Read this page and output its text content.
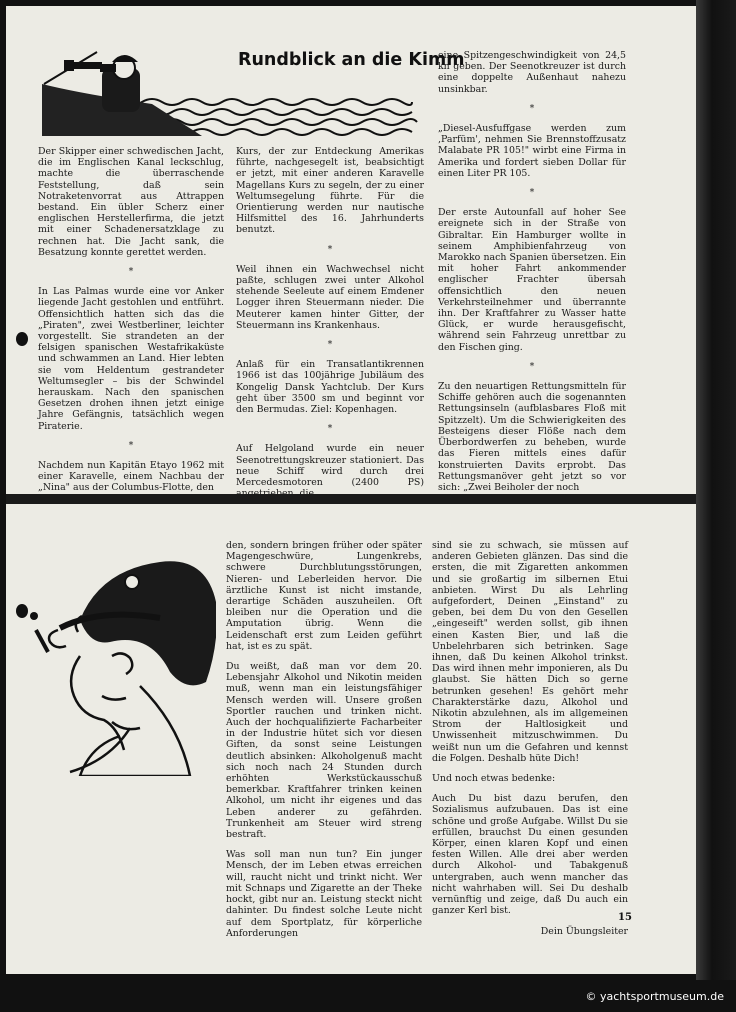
Rundblick an die Kimm

Der Skipper einer schwedischen Jacht, die im Englischen Kanal leckschlug, machte die überraschende Feststellung, daß sein Notraketenvorrat aus Attrappen bestand. Ein übler Scherz einer englischen Herstellerfirma, die jetzt mit einer Schadenersatzklage zu rechnen hat. Die Jacht sank, die Besatzung konnte gerettet werden.

*

In Las Palmas wurde eine vor Anker liegende Jacht gestohlen und entführt. Offensichtlich hatten sich das die „Piraten", zwei Westberliner, leichter vorgestellt. Sie strandeten an der felsigen spanischen Westafrikaküste und schwammen an Land. Hier lebten sie vom Heldentum gestrandeter Weltumsegler – bis der Schwindel herauskam. Nach den spanischen Gesetzen drohen ihnen jetzt einige Jahre Gefängnis, tatsächlich wegen Piraterie.

*

Nachdem nun Kapitän Etayo 1962 mit einer Karavelle, einem Nachbau der „Nina" aus der Columbus-Flotte, den

Kurs, der zur Entdeckung Amerikas führte, nachgesegelt ist, beabsichtigt er jetzt, mit einer anderen Karavelle Magellans Kurs zu segeln, der zu einer Weltumsegelung führte. Für die Orientierung werden nur nautische Hilfsmittel des 16. Jahrhunderts benutzt.

*

Weil ihnen ein Wachwechsel nicht paßte, schlugen zwei unter Alkohol stehende Seeleute auf einem Emdener Logger ihren Steuermann nieder. Die Meuterer kamen hinter Gitter, der Steuermann ins Krankenhaus.

*

Anlaß für ein Transatlantikrennen 1966 ist das 100jährige Jubiläum des Kongelig Dansk Yachtclub. Der Kurs geht über 3500 sm und beginnt vor den Bermudas. Ziel: Kopenhagen.

*

Auf Helgoland wurde ein neuer Seenotrettungskreuzer stationiert. Das neue Schiff wird durch drei Mercedesmotoren (2400 PS)

eine Spitzengeschwindigkeit von 24,5 kn geben. Der Seenotkreuzer ist durch eine doppelte Außenhaut nahezu unsinkbar.

*

„Diesel-Ausfuffgase werden zum ‚Parfüm', nehmen Sie Brennstoffzusatz Malabate PR 105!" wirbt eine Firma in Amerika und fordert sieben Dollar für einen Liter PR 105.

*

Der erste Autounfall auf hoher See ereignete sich in der Straße von Gibraltar. Ein Hamburger wollte in seinem Amphibienfahrzeug von Marokko nach Spanien übersetzen. Ein mit hoher Fahrt ankommender englischer Frachter übersah offensichtlich den neuen Verkehrsteilnehmer und überrannte ihn. Der Kraftfahrer zu Wasser hatte Glück, er wurde herausgefischt, während sein Fahrzeug unrettbar zu den Fischen ging.

*

Zu den neuartigen Rettungsmitteln für Schiffe gehören auch die sogenannten Rettungsinseln (aufblasbares Floß mit Spitzzelt). Um die Schwierigkeiten des Besteigens dieser Flöße nach dem Überbordwerfen zu beheben, wurde das Fieren mittels eines dafür konstruierten Davits erprobt. Das Rettungsmanöver geht jetzt so vor sich: „Zwei Beiholer der noch

den, sondern bringen früher oder später Magengeschwüre, Lungenkrebs, schwere Durchblutungsstörungen, Nieren- und Leberleiden hervor. Die ärztliche Kunst ist nicht imstande, derartige Schäden auszuheilen. Oft bleiben nur die Operation und die Amputation übrig. Wenn die Leidenschaft erst zum Leiden geführt hat, ist es zu spät.

Du weißt, daß man vor dem 20. Lebensjahr Alkohol und Nikotin meiden muß, wenn man ein leistungsfähiger Mensch werden will. Unsere großen Sportler rauchen und trinken nicht. Auch der hochqualifizierte Facharbeiter in der Industrie hütet sich vor diesen Giften, da sonst seine Leistungen deutlich absinken: Alkoholgenuß macht sich noch nach 24 Stunden durch erhöhten Werkstückausschuß bemerkbar. Kraftfahrer trinken keinen Alkohol, um nicht ihr eigenes und das Leben anderer zu gefährden. Trunkenheit am Steuer wird streng bestraft.

Was soll man nun tun? Ein junger Mensch, der im Leben etwas erreichen will, raucht nicht und trinkt nicht. Wer mit Schnaps und Zigarette an der Theke hockt, gibt nur an. Leistung steckt nicht dahinter. Du findest solche Leute nicht auf dem Sportplatz, für körperliche Anforderungen

sind sie zu schwach, sie müssen auf anderen Gebieten glänzen. Das sind die ersten, die mit Zigaretten ankommen und sie großartig im silbernen Etui anbieten. Wirst Du als Lehrling aufgefordert, Deinen „Einstand" zu geben, bei dem Du von den Gesellen „eingeseift" werden sollst, gib ihnen einen Kasten Bier, und laß die Unbelehrbaren sich betrinken. Sage ihnen, daß Du keinen Alkohol trinkst. Das wird ihnen mehr imponieren, als Du glaubst. Sie hätten Dich so gerne betrunken gesehen! Es gehört mehr Charakterstärke dazu, Alkohol und Nikotin abzulehnen, als im allgemeinen Strom der Haltlosigkeit und Unwissenheit mitzuschwimmen. Du weißt nun um die Gefahren und kennst die Folgen. Deshalb hüte Dich!

Und noch etwas bedenke:

Auch Du bist dazu berufen, den Sozialismus aufzubauen. Das ist eine schöne und große Aufgabe. Willst Du sie erfüllen, brauchst Du einen gesunden Körper, einen klaren Kopf und einen festen Willen. Alle drei aber werden durch Alkohol- und Tabakgenuß untergraben, auch wenn mancher das nicht wahrhaben will. Sei Du deshalb vernünftig und zeige, daß Du auch ein ganzer Kerl bist.

Dein Übungsleiter
15
© yachtsportmuseum.de
